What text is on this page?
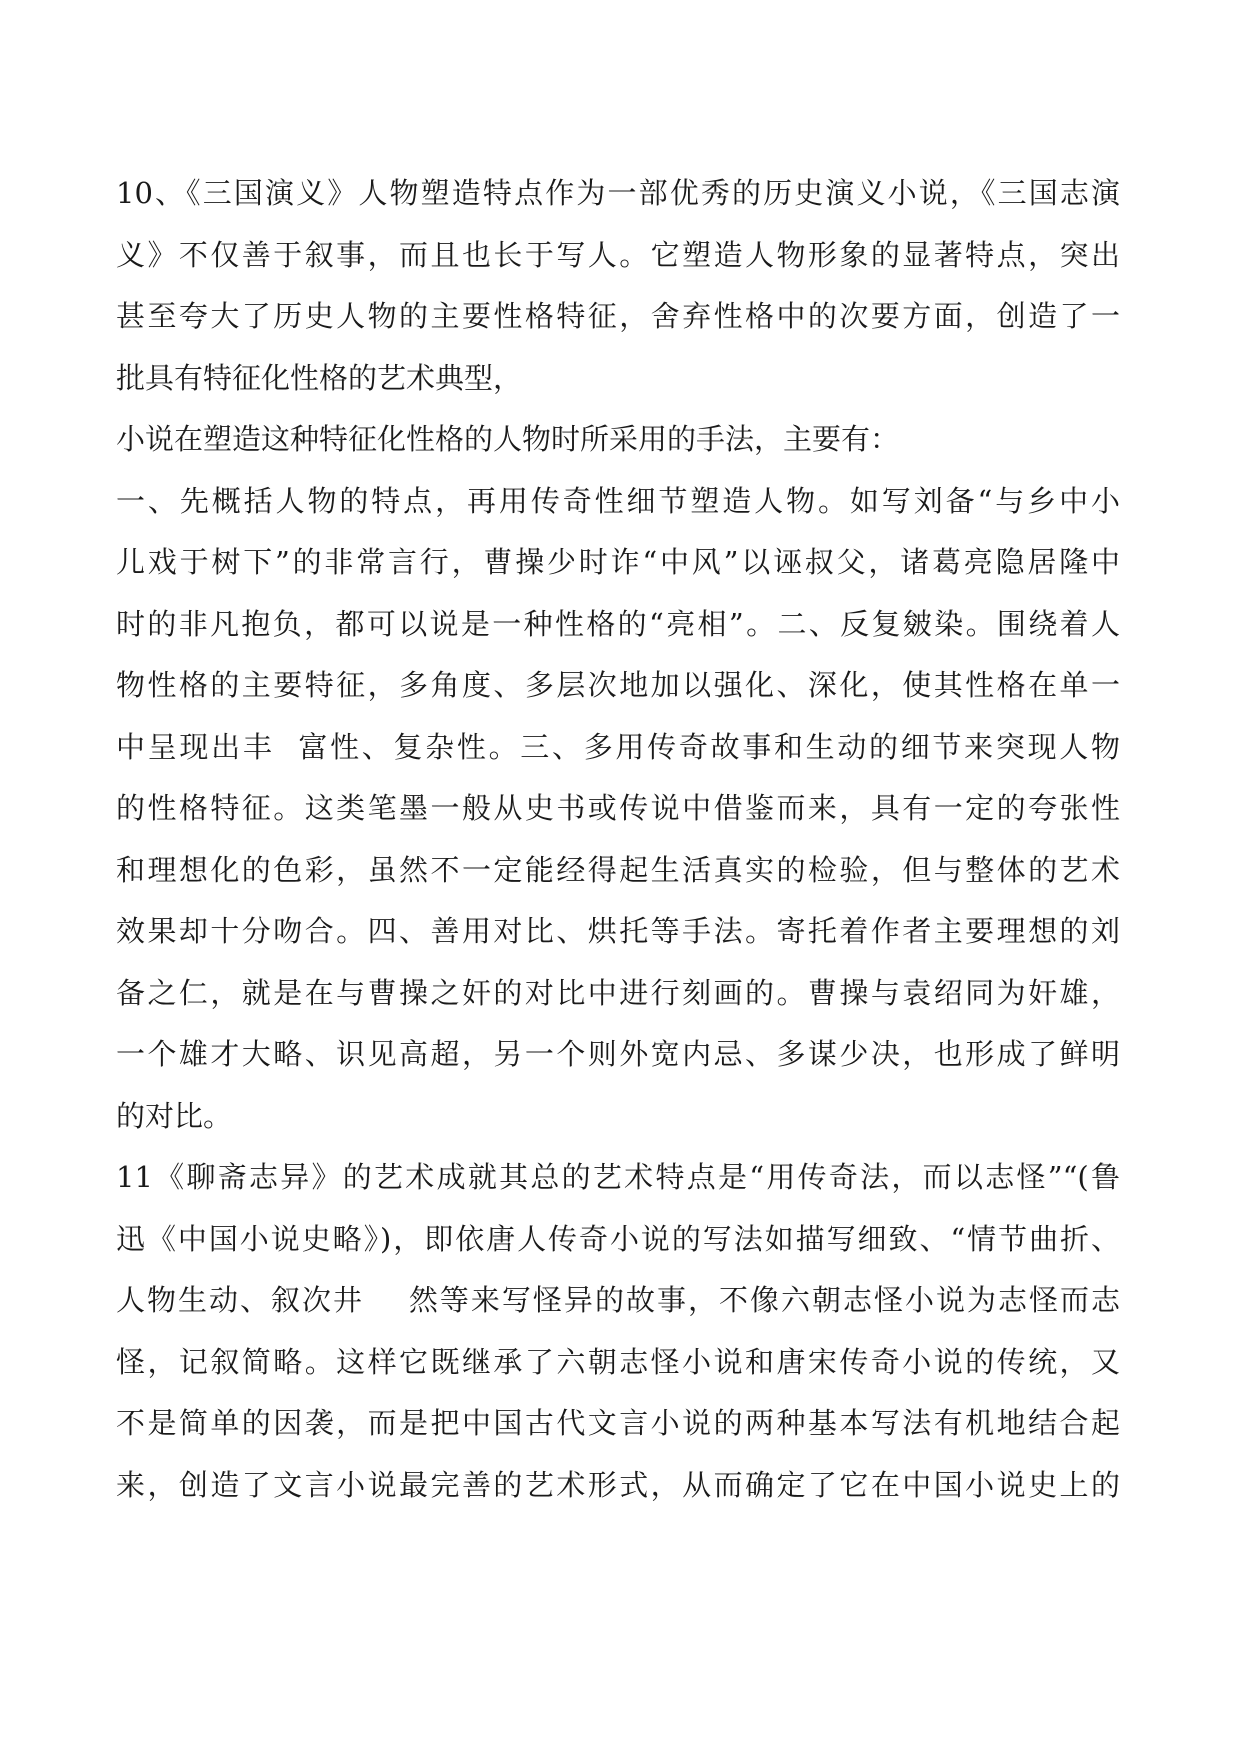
10、《三国演义》人物塑造特点作为一部优秀的历史演义小说，《三国志演
义》不仅善于叙事，而且也长于写人。它塑造人物形象的显著特点，突出
甚至夸大了历史人物的主要性格特征，舍弃性格中的次要方面，创造了一
批具有特征化性格的艺术典型，
小说在塑造这种特征化性格的人物时所采用的手法，主要有：
一、先概括人物的特点，再用传奇性细节塑造人物。如写刘备“与乡中小
儿戏于树下”的非常言行，曹操少时诈“中风”以诬叔父，诸葛亮隐居隆中
时的非凡抱负，都可以说是一种性格的“亮相”。二、反复皴染。围绕着人
物性格的主要特征，多角度、多层次地加以强化、深化，使其性格在单一
中呈现出丰  富性、复杂性。三、多用传奇故事和生动的细节来突现人物
的性格特征。这类笔墨一般从史书或传说中借鉴而来，具有一定的夸张性
和理想化的色彩，虽然不一定能经得起生活真实的检验，但与整体的艺术
效果却十分吻合。四、善用对比、烘托等手法。寄托着作者主要理想的刘
备之仁，就是在与曹操之奸的对比中进行刻画的。曹操与袁绍同为奸雄，
一个雄才大略、识见高超，另一个则外宽内忌、多谋少决，也形成了鲜明
的对比。
11《聊斋志异》的艺术成就其总的艺术特点是“用传奇法，而以志怪”“(鲁
迅《中国小说史略》)，即依唐人传奇小说的写法如描写细致、“情节曲折、
人物生动、叙次井    然等来写怪异的故事，不像六朝志怪小说为志怪而志
怪，记叙简略。这样它既继承了六朝志怪小说和唐宋传奇小说的传统，又
不是简单的因袭，而是把中国古代文言小说的两种基本写法有机地结合起
来，创造了文言小说最完善的艺术形式，从而确定了它在中国小说史上的
